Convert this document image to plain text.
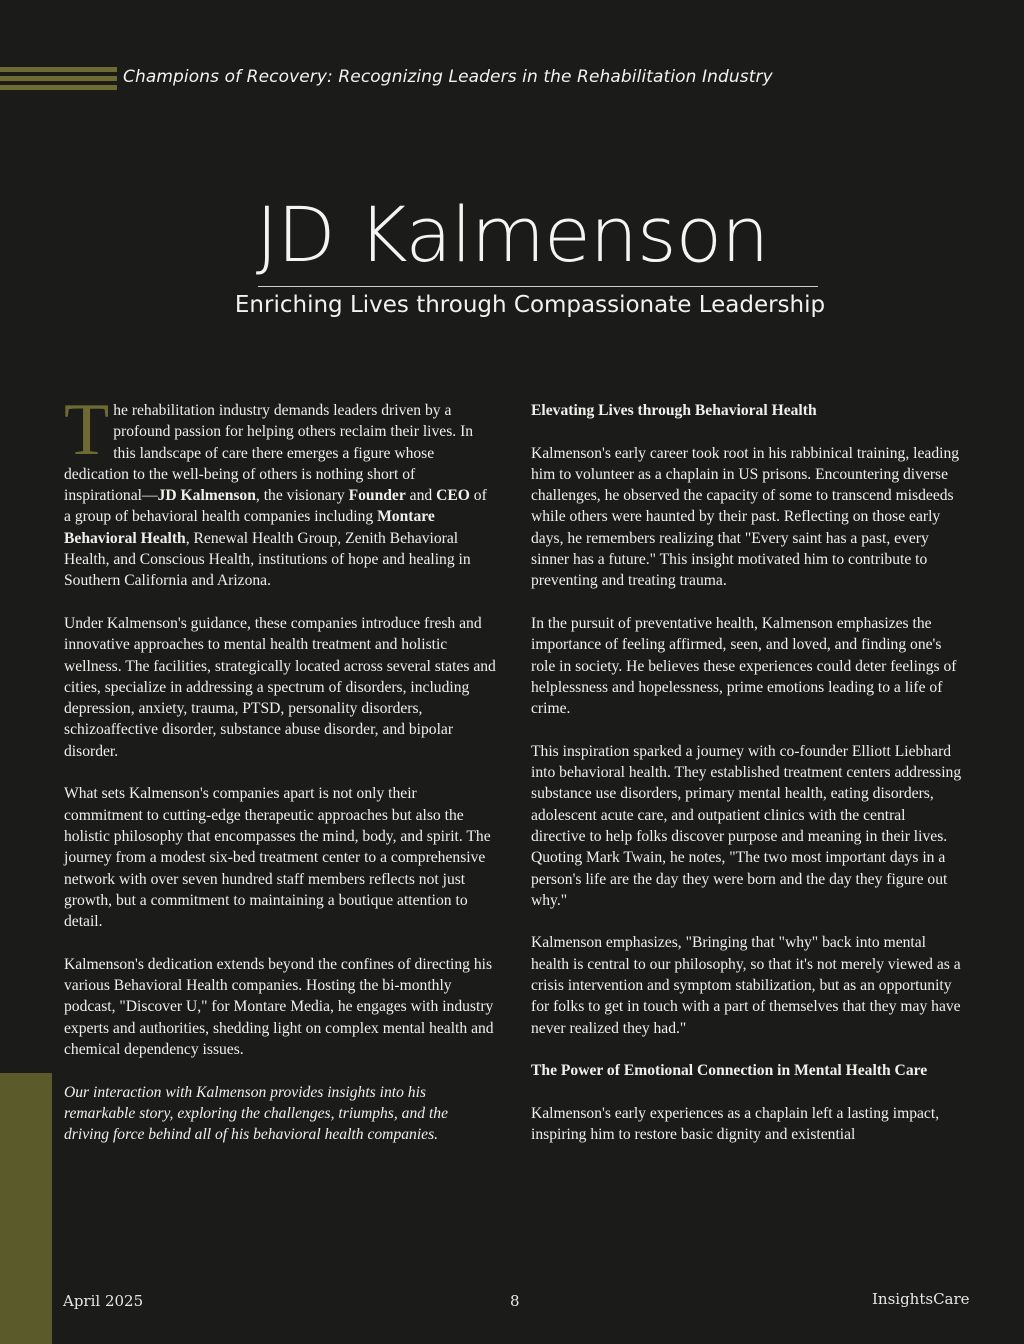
Champions of Recovery: Recognizing Leaders in the Rehabilitation Industry
JD Kalmenson
Enriching Lives through Compassionate Leadership

The rehabilitation industry demands leaders driven by a profound passion for helping others reclaim their lives. In this landscape of care there emerges a figure whose dedication to the well-being of others is nothing short of inspirational—JD Kalmenson, the visionary Founder and CEO of a group of behavioral health companies including Montare Behavioral Health, Renewal Health Group, Zenith Behavioral Health, and Conscious Health, institutions of hope and healing in Southern California and Arizona.

Under Kalmenson's guidance, these companies introduce fresh and innovative approaches to mental health treatment and holistic wellness. The facilities, strategically located across several states and cities, specialize in addressing a spectrum of disorders, including depression, anxiety, trauma, PTSD, personality disorders, schizoaffective disorder, substance abuse disorder, and bipolar disorder.

What sets Kalmenson's companies apart is not only their commitment to cutting-edge therapeutic approaches but also the holistic philosophy that encompasses the mind, body, and spirit. The journey from a modest six-bed treatment center to a comprehensive network with over seven hundred staff members reflects not just growth, but a commitment to maintaining a boutique attention to detail.

Kalmenson's dedication extends beyond the confines of directing his various Behavioral Health companies. Hosting the bi-monthly podcast, "Discover U," for Montare Media, he engages with industry experts and authorities, shedding light on complex mental health and chemical dependency issues.

Our interaction with Kalmenson provides insights into his remarkable story, exploring the challenges, triumphs, and the driving force behind all of his behavioral health companies.

Elevating Lives through Behavioral Health

Kalmenson's early career took root in his rabbinical training, leading him to volunteer as a chaplain in US prisons. Encountering diverse challenges, he observed the capacity of some to transcend misdeeds while others were haunted by their past. Reflecting on those early days, he remembers realizing that "Every saint has a past, every sinner has a future." This insight motivated him to contribute to preventing and treating trauma.

In the pursuit of preventative health, Kalmenson emphasizes the importance of feeling affirmed, seen, and loved, and finding one's role in society. He believes these experiences could deter feelings of helplessness and hopelessness, prime emotions leading to a life of crime.

This inspiration sparked a journey with co-founder Elliott Liebhard into behavioral health. They established treatment centers addressing substance use disorders, primary mental health, eating disorders, adolescent acute care, and outpatient clinics with the central directive to help folks discover purpose and meaning in their lives. Quoting Mark Twain, he notes, "The two most important days in a person's life are the day they were born and the day they figure out why."

Kalmenson emphasizes, "Bringing that "why" back into mental health is central to our philosophy, so that it's not merely viewed as a crisis intervention and symptom stabilization, but as an opportunity for folks to get in touch with a part of themselves that they may have never realized they had."

The Power of Emotional Connection in Mental Health Care

Kalmenson's early experiences as a chaplain left a lasting impact, inspiring him to restore basic dignity and existential

April 2025	8	InsightsCare
